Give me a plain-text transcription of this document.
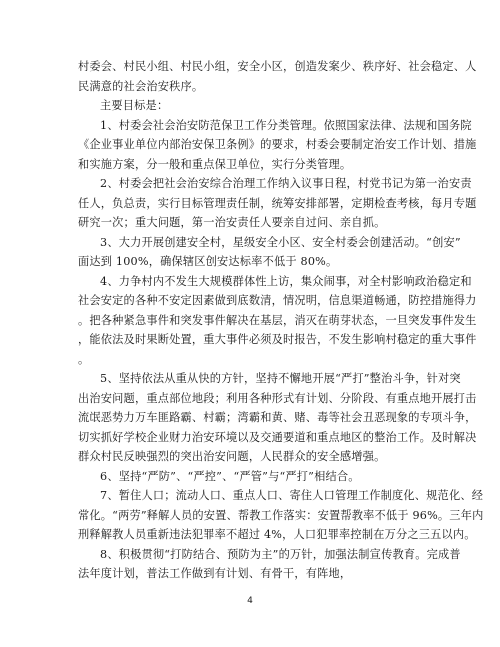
村委会、村民小组、村民小组，安全小区，创造发案少、秩序好、社会稳定、人
民满意的社会治安秩序。
主要目标是：
1、村委会社会治安防范保卫工作分类管理。依照国家法律、法规和国务院
《企业事业单位内部治安保卫条例》的要求，村委会要制定治安工作计划、措施
和实施方案，分一般和重点保卫单位，实行分类管理。
2、村委会把社会治安综合治理工作纳入议事日程，村党书记为第一治安责
任人，负总责，实行目标管理责任制，统筹安排部署，定期检查考核，每月专题
研究一次；重大问题，第一治安责任人要亲自过问、亲自抓。
3、大力开展创建安全村，星级安全小区、安全村委会创建活动。“创安”
面达到 100%，确保辖区创安达标率不低于 80%。
4、力争村内不发生大规模群体性上访，集众闹事，对全村影响政治稳定和
社会安定的各种不安定因素做到底数清，情况明，信息渠道畅通，防控措施得力
。把各种紧急事件和突发事件解决在基层，消灭在萌芽状态，一旦突发事件发生
，能依法及时果断处置，重大事件必须及时报告，不发生影响村稳定的重大事件
。
5、坚持依法从重从快的方针，坚持不懈地开展“严打”整治斗争，针对突
出治安问题，重点部位地段；利用各种形式有计划、分阶段、有重点地开展打击
流氓恶势力万车匪路霸、村霸；湾霸和黄、赌、毒等社会丑恶现象的专项斗争，
切实抓好学校企业财力治安环境以及交通要道和重点地区的整治工作。及时解决
群众村民反映强烈的突出治安问题，人民群众的安全感增强。
6、坚持“严防”、“严控”、“严管”与“严打”相结合。
7、暂住人口；流动人口、重点人口、寄住人口管理工作制度化、规范化、经
常化。“两劳”释解人员的安置、帮教工作落实：安置帮教率不低于 96%。三年内
刑释解教人员重新违法犯罪率不超过 4%，人口犯罪率控制在万分之三五以内。
8、积极贯彻“打防结合、预防为主”的万针，加强法制宣传教育。完成普
法年度计划，普法工作做到有计划、有骨干，有阵地，
4
